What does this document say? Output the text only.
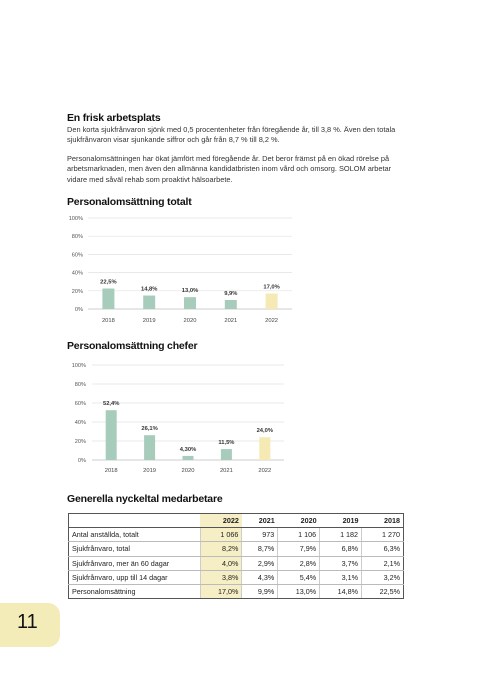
En frisk arbetsplats
Den korta sjukfrånvaron sjönk med 0,5 procentenheter från föregående år, till 3,8 %. Även den totala sjukfrånvaron visar sjunkande siffror och går från 8,7 % till 8,2 %.
Personalomsättningen har ökat jämfört med föregående år. Det beror främst på en ökad rörelse på arbetsmarknaden, men även den allmänna kandidatbristen inom vård och omsorg. SOLOM arbetar vidare med såväl rehab som proaktivt hälsoarbete.
Personalomsättning totalt
0%
20%
40%
60%
80%
100%
22,5%
2018
14,8%
2019
13,0%
2020
9,9%
2021
17,0%
2022
Personalomsättning chefer
0%
20%
40%
60%
80%
100%
52,4%
2018
26,1%
2019
4,30%
2020
11,5%
2021
24,0%
2022
Generella nyckeltal medarbetare
	2022	2021	2020	2019	2018
Antal anställda, totalt	1 066	973	1 106	1 182	1 270
Sjukfrånvaro, total	8,2%	8,7%	7,9%	6,8%	6,3%
Sjukfrånvaro, mer än 60 dagar	4,0%	2,9%	2,8%	3,7%	2,1%
Sjukfrånvaro, upp till 14 dagar	3,8%	4,3%	5,4%	3,1%	3,2%
Personalomsättning	17,0%	9,9%	13,0%	14,8%	22,5%
11
